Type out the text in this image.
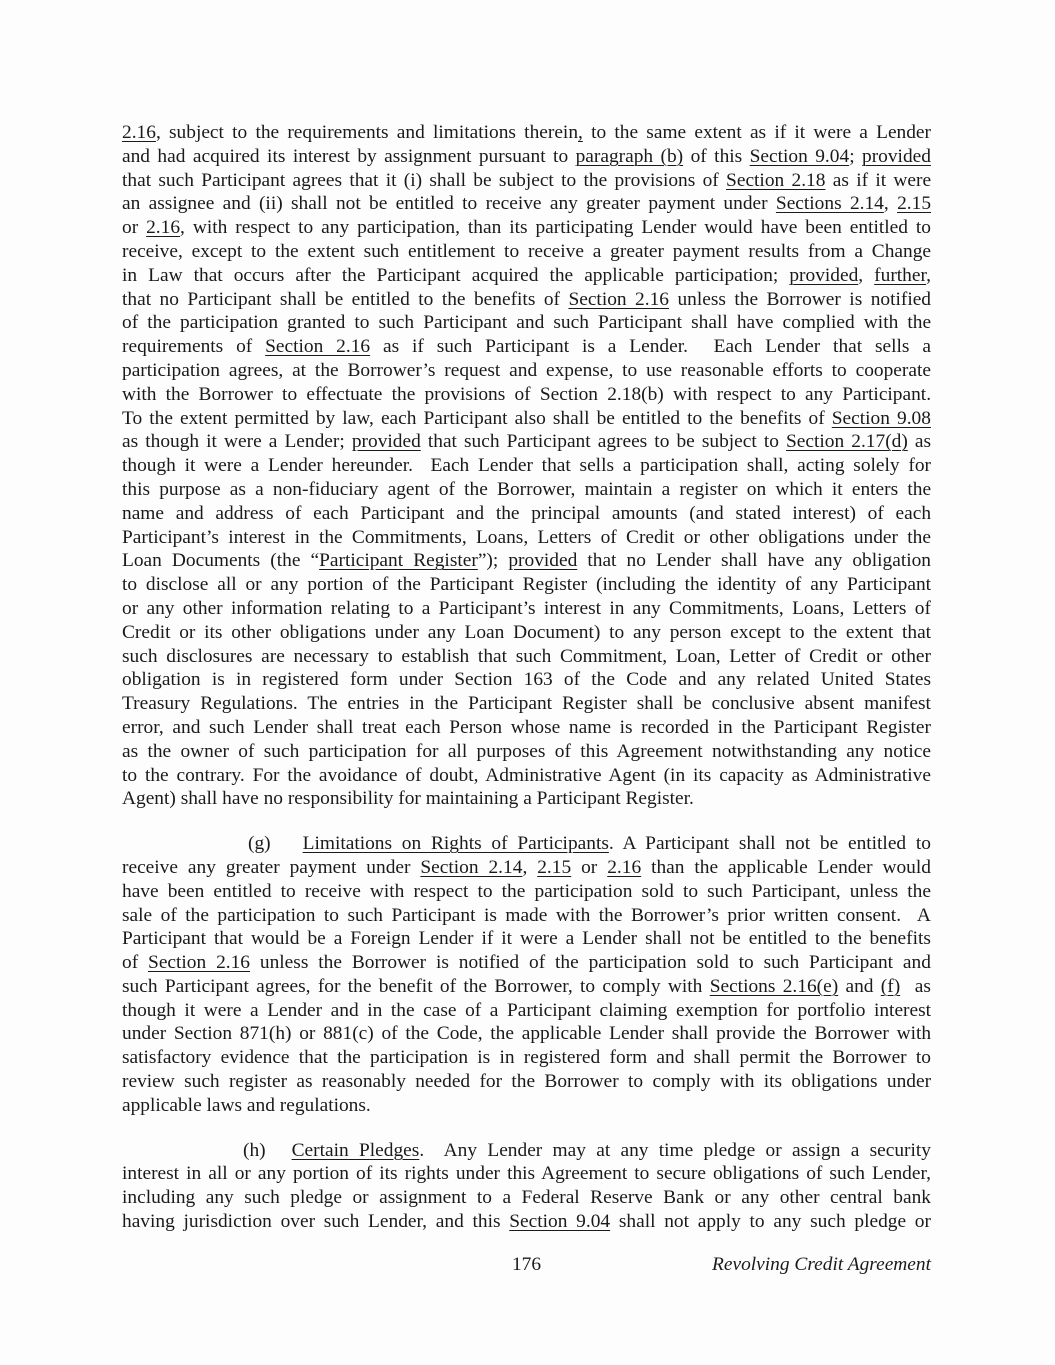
2.16, subject to the requirements and limitations therein, to the same extent as if it were a Lender
and had acquired its interest by assignment pursuant to paragraph (b) of this Section 9.04; provided
that such Participant agrees that it (i) shall be subject to the provisions of Section 2.18 as if it were
an assignee and (ii) shall not be entitled to receive any greater payment under Sections 2.14, 2.15
or 2.16, with respect to any participation, than its participating Lender would have been entitled to
receive, except to the extent such entitlement to receive a greater payment results from a Change
in Law that occurs after the Participant acquired the applicable participation; provided, further,
that no Participant shall be entitled to the benefits of Section 2.16 unless the Borrower is notified
of the participation granted to such Participant and such Participant shall have complied with the
requirements of Section 2.16 as if such Participant is a Lender.  Each Lender that sells a
participation agrees, at the Borrower’s request and expense, to use reasonable efforts to cooperate
with the Borrower to effectuate the provisions of Section 2.18(b) with respect to any Participant.
To the extent permitted by law, each Participant also shall be entitled to the benefits of Section 9.08
as though it were a Lender; provided that such Participant agrees to be subject to Section 2.17(d) as
though it were a Lender hereunder.  Each Lender that sells a participation shall, acting solely for
this purpose as a non-fiduciary agent of the Borrower, maintain a register on which it enters the
name and address of each Participant and the principal amounts (and stated interest) of each
Participant’s interest in the Commitments, Loans, Letters of Credit or other obligations under the
Loan Documents (the “Participant Register”); provided that no Lender shall have any obligation
to disclose all or any portion of the Participant Register (including the identity of any Participant
or any other information relating to a Participant’s interest in any Commitments, Loans, Letters of
Credit or its other obligations under any Loan Document) to any person except to the extent that
such disclosures are necessary to establish that such Commitment, Loan, Letter of Credit or other
obligation is in registered form under Section 163 of the Code and any related United States
Treasury Regulations. The entries in the Participant Register shall be conclusive absent manifest
error, and such Lender shall treat each Person whose name is recorded in the Participant Register
as the owner of such participation for all purposes of this Agreement notwithstanding any notice
to the contrary. For the avoidance of doubt, Administrative Agent (in its capacity as Administrative
Agent) shall have no responsibility for maintaining a Participant Register.
(g) Limitations on Rights of Participants. A Participant shall not be entitled to
receive any greater payment under Section 2.14, 2.15 or 2.16 than the applicable Lender would
have been entitled to receive with respect to the participation sold to such Participant, unless the
sale of the participation to such Participant is made with the Borrower’s prior written consent.  A
Participant that would be a Foreign Lender if it were a Lender shall not be entitled to the benefits
of Section 2.16 unless the Borrower is notified of the participation sold to such Participant and
such Participant agrees, for the benefit of the Borrower, to comply with Sections 2.16(e) and (f)  as
though it were a Lender and in the case of a Participant claiming exemption for portfolio interest
under Section 871(h) or 881(c) of the Code, the applicable Lender shall provide the Borrower with
satisfactory evidence that the participation is in registered form and shall permit the Borrower to
review such register as reasonably needed for the Borrower to comply with its obligations under
applicable laws and regulations.
(h) Certain Pledges.  Any Lender may at any time pledge or assign a security
interest in all or any portion of its rights under this Agreement to secure obligations of such Lender,
including any such pledge or assignment to a Federal Reserve Bank or any other central bank
having jurisdiction over such Lender, and this Section 9.04 shall not apply to any such pledge or
176	Revolving Credit Agreement
